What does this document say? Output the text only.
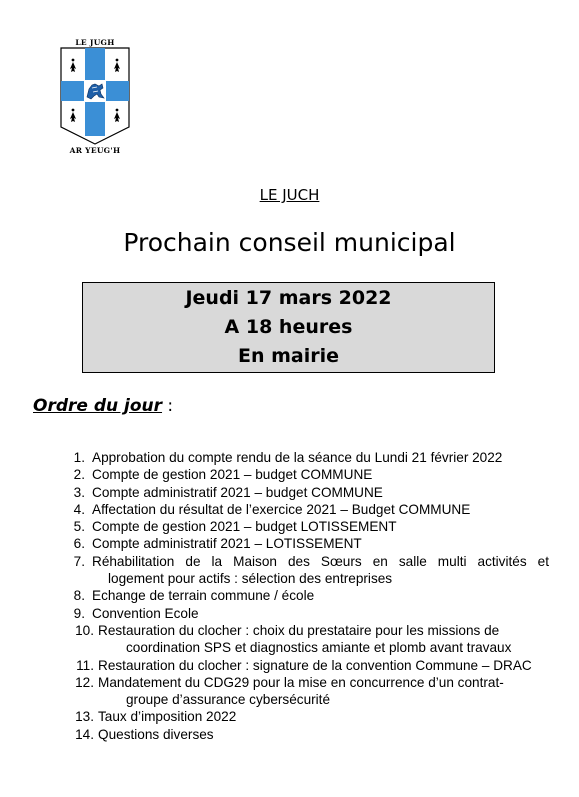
LE JUGH
AR YEUG'H
LE JUCH
Prochain conseil municipal
Jeudi 17 mars 2022
A 18 heures
En mairie
Ordre du jour :
1. Approbation du compte rendu de la séance du Lundi 21 février 2022
2. Compte de gestion 2021 – budget COMMUNE
3. Compte administratif 2021 – budget COMMUNE
4. Affectation du résultat de l’exercice 2021 – Budget COMMUNE
5. Compte de gestion 2021 – budget LOTISSEMENT
6. Compte administratif 2021 – LOTISSEMENT
7. Réhabilitation de la Maison des Sœurs en salle multi activités et
logement pour actifs : sélection des entreprises
8. Echange de terrain commune / école
9. Convention Ecole
10. Restauration du clocher : choix du prestataire pour les missions de
coordination SPS et diagnostics amiante et plomb avant travaux
11. Restauration du clocher : signature de la convention Commune – DRAC
12. Mandatement du CDG29 pour la mise en concurrence d’un contrat-
groupe d’assurance cybersécurité
13. Taux d’imposition 2022
14. Questions diverses
